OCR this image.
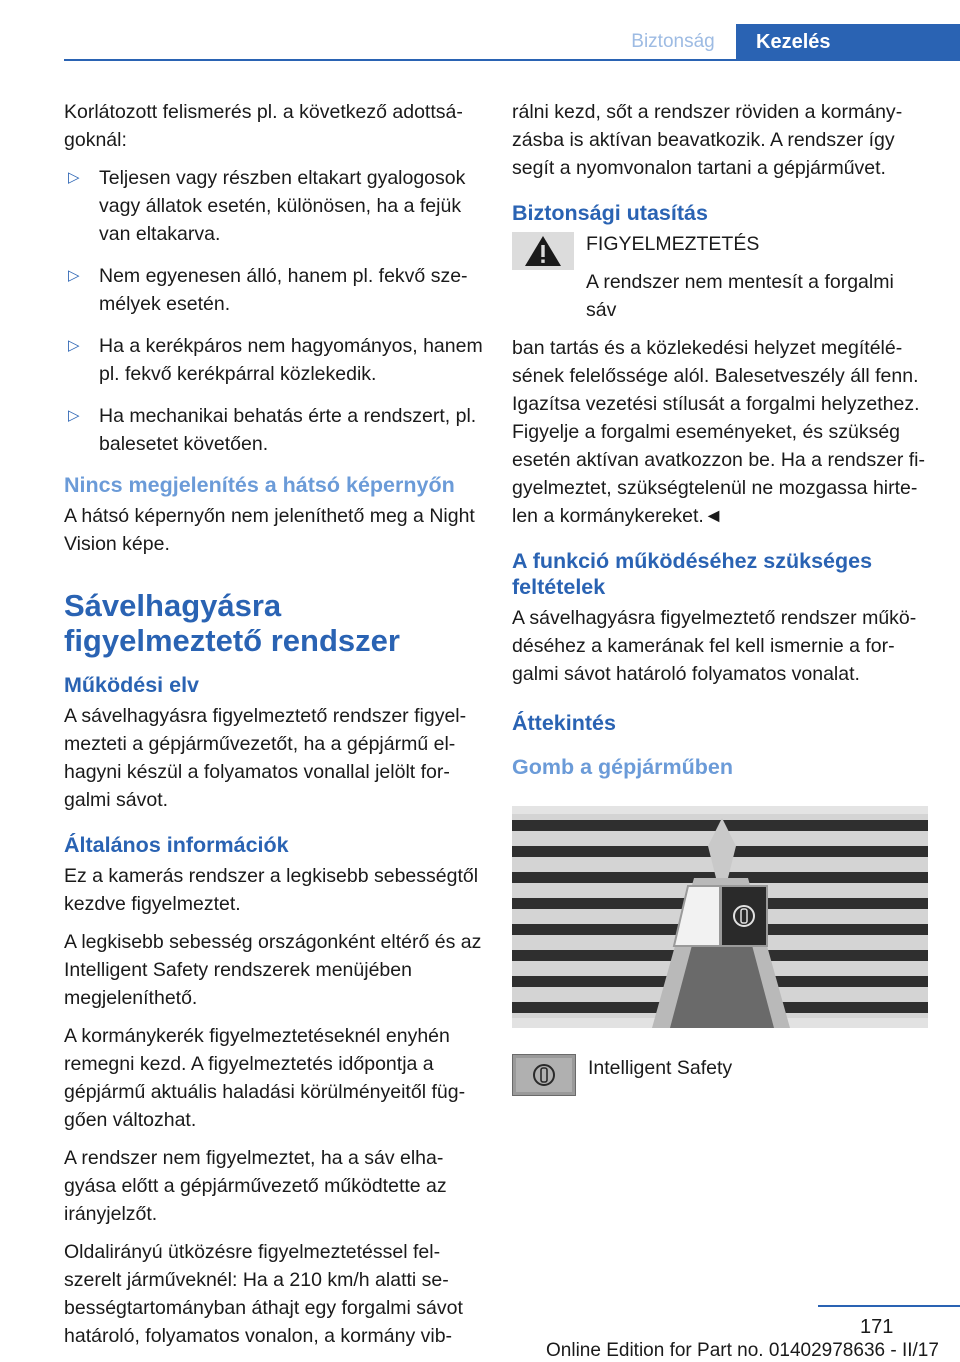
Biztonság	Kezelés

Korlátozott felismerés pl. a következő adottságoknál:

▷ Teljesen vagy részben eltakart gyalogosok vagy állatok esetén, különösen, ha a fejük van eltakarva.
▷ Nem egyenesen álló, hanem pl. fekvő személyek esetén.
▷ Ha a kerékpáros nem hagyományos, hanem pl. fekvő kerékpárral közlekedik.
▷ Ha mechanikai behatás érte a rendszert, pl. balesetet követően.
Nincs megjelenítés a hátsó képernyőn

A hátsó képernyőn nem jeleníthető meg a Night Vision képe.

Sávelhagyásra figyelmeztető rendszer
Működési elv

A sávelhagyásra figyelmeztető rendszer figyelmezteti a gépjárművezetőt, ha a gépjármű elhagyni készül a folyamatos vonallal jelölt forgalmi sávot.

Általános információk

Ez a kamerás rendszer a legkisebb sebességtől kezdve figyelmeztet.

A legkisebb sebesség országonként eltérő és az Intelligent Safety rendszerek menüjében megjeleníthető.

A kormánykerék figyelmeztetéseknél enyhén remegni kezd. A figyelmeztetés időpontja a gépjármű aktuális haladási körülményeitől függően változhat.

A rendszer nem figyelmeztet, ha a sáv elhagyása előtt a gépjárművezető működtette az irányjelzőt.

Oldalirányú ütközésre figyelmeztetéssel felszerelt járműveknél: Ha a 210 km/h alatti sebességtartományban áthajt egy forgalmi sávot határoló, folyamatos vonalon, a kormány vib-

rálni kezd, sőt a rendszer röviden a kormányzásba is aktívan beavatkozik. A rendszer így segít a nyomvonalon tartani a gépjárművet.

Biztonsági utasítás

FIGYELMEZTETÉS

A rendszer nem mentesít a forgalmi sáv

ban tartás és a közlekedési helyzet megítélésének felelőssége alól. Balesetveszély áll fenn. Igazítsa vezetési stílusát a forgalmi helyzethez. Figyelje a forgalmi eseményeket, és szükség esetén aktívan avatkozzon be. Ha a rendszer figyelmeztet, szükségtelenül ne mozgassa hirtelen a kormánykereket.◄

A funkció működéséhez szükséges feltételek

A sávelhagyásra figyelmeztető rendszer működéséhez a kamerának fel kell ismernie a forgalmi sávot határoló folyamatos vonalat.

Áttekintés
Gomb a gépjárműben
Intelligent Safety
171
Online Edition for Part no. 01402978636 - II/17
